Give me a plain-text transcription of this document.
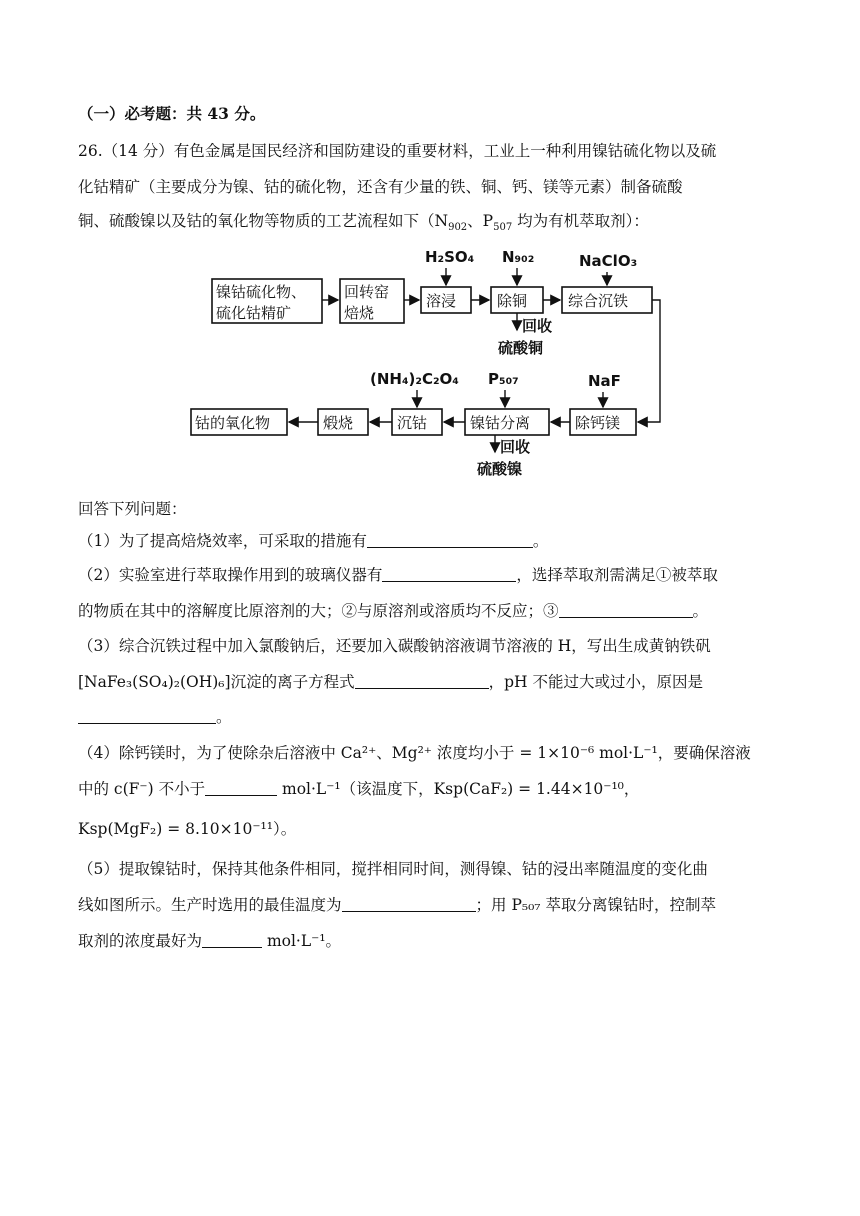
（一）必考题：共 43 分。
26.（14 分）有色金属是国民经济和国防建设的重要材料，工业上一种利用镍钴硫化物以及硫
化钴精矿（主要成分为镍、钴的硫化物，还含有少量的铁、铜、钙、镁等元素）制备硫酸
铜、硫酸镍以及钴的氧化物等物质的工艺流程如下（$N_{902}$、$P_{507}$ 均为有机萃取剂）：
镍钴硫化物、
硫化钴精矿
回转窑
焙烧
溶浸	除铜	综合沉铁
钴的氧化物	煅烧	沉钴	镍钴分离	除钙镁
H₂SO₄ N₉₀₂	NaClO₃
NaF
P₅₀₇
(NH₄)₂C₂O₄
回收
硫酸铜
回收
硫酸镍
回答下列问题：
（1）为了提高焙烧效率，可采取的措施有	。
（2）实验室进行萃取操作用到的玻璃仪器有	，选择萃取剂需满足①被萃取
的物质在其中的溶解度比原溶剂的大；②与原溶剂或溶质均不反应；③	。
（3）综合沉铁过程中加入氯酸钠后，还要加入碳酸钠溶液调节溶液的 H，写出生成黄钠铁矾
[NaFe₃(SO₄)₂(OH)₆]沉淀的离子方程式	，pH 不能过大或过小，原因是
。
（4）除钙镁时，为了使除杂后溶液中 Ca²⁺、Mg²⁺ 浓度均小于 = 1×10⁻⁶ mol·L⁻¹，要确保溶液
中的 c(F⁻) 不小于	mol·L⁻¹（该温度下，Ksp(CaF₂) = 1.44×10⁻¹⁰，
Ksp(MgF₂) = 8.10×10⁻¹¹）。
（5）提取镍钴时，保持其他条件相同，搅拌相同时间，测得镍、钴的浸出率随温度的变化曲
线如图所示。生产时选用的最佳温度为	；用 P₅₀₇ 萃取分离镍钴时，控制萃
取剂的浓度最好为	mol·L⁻¹。
